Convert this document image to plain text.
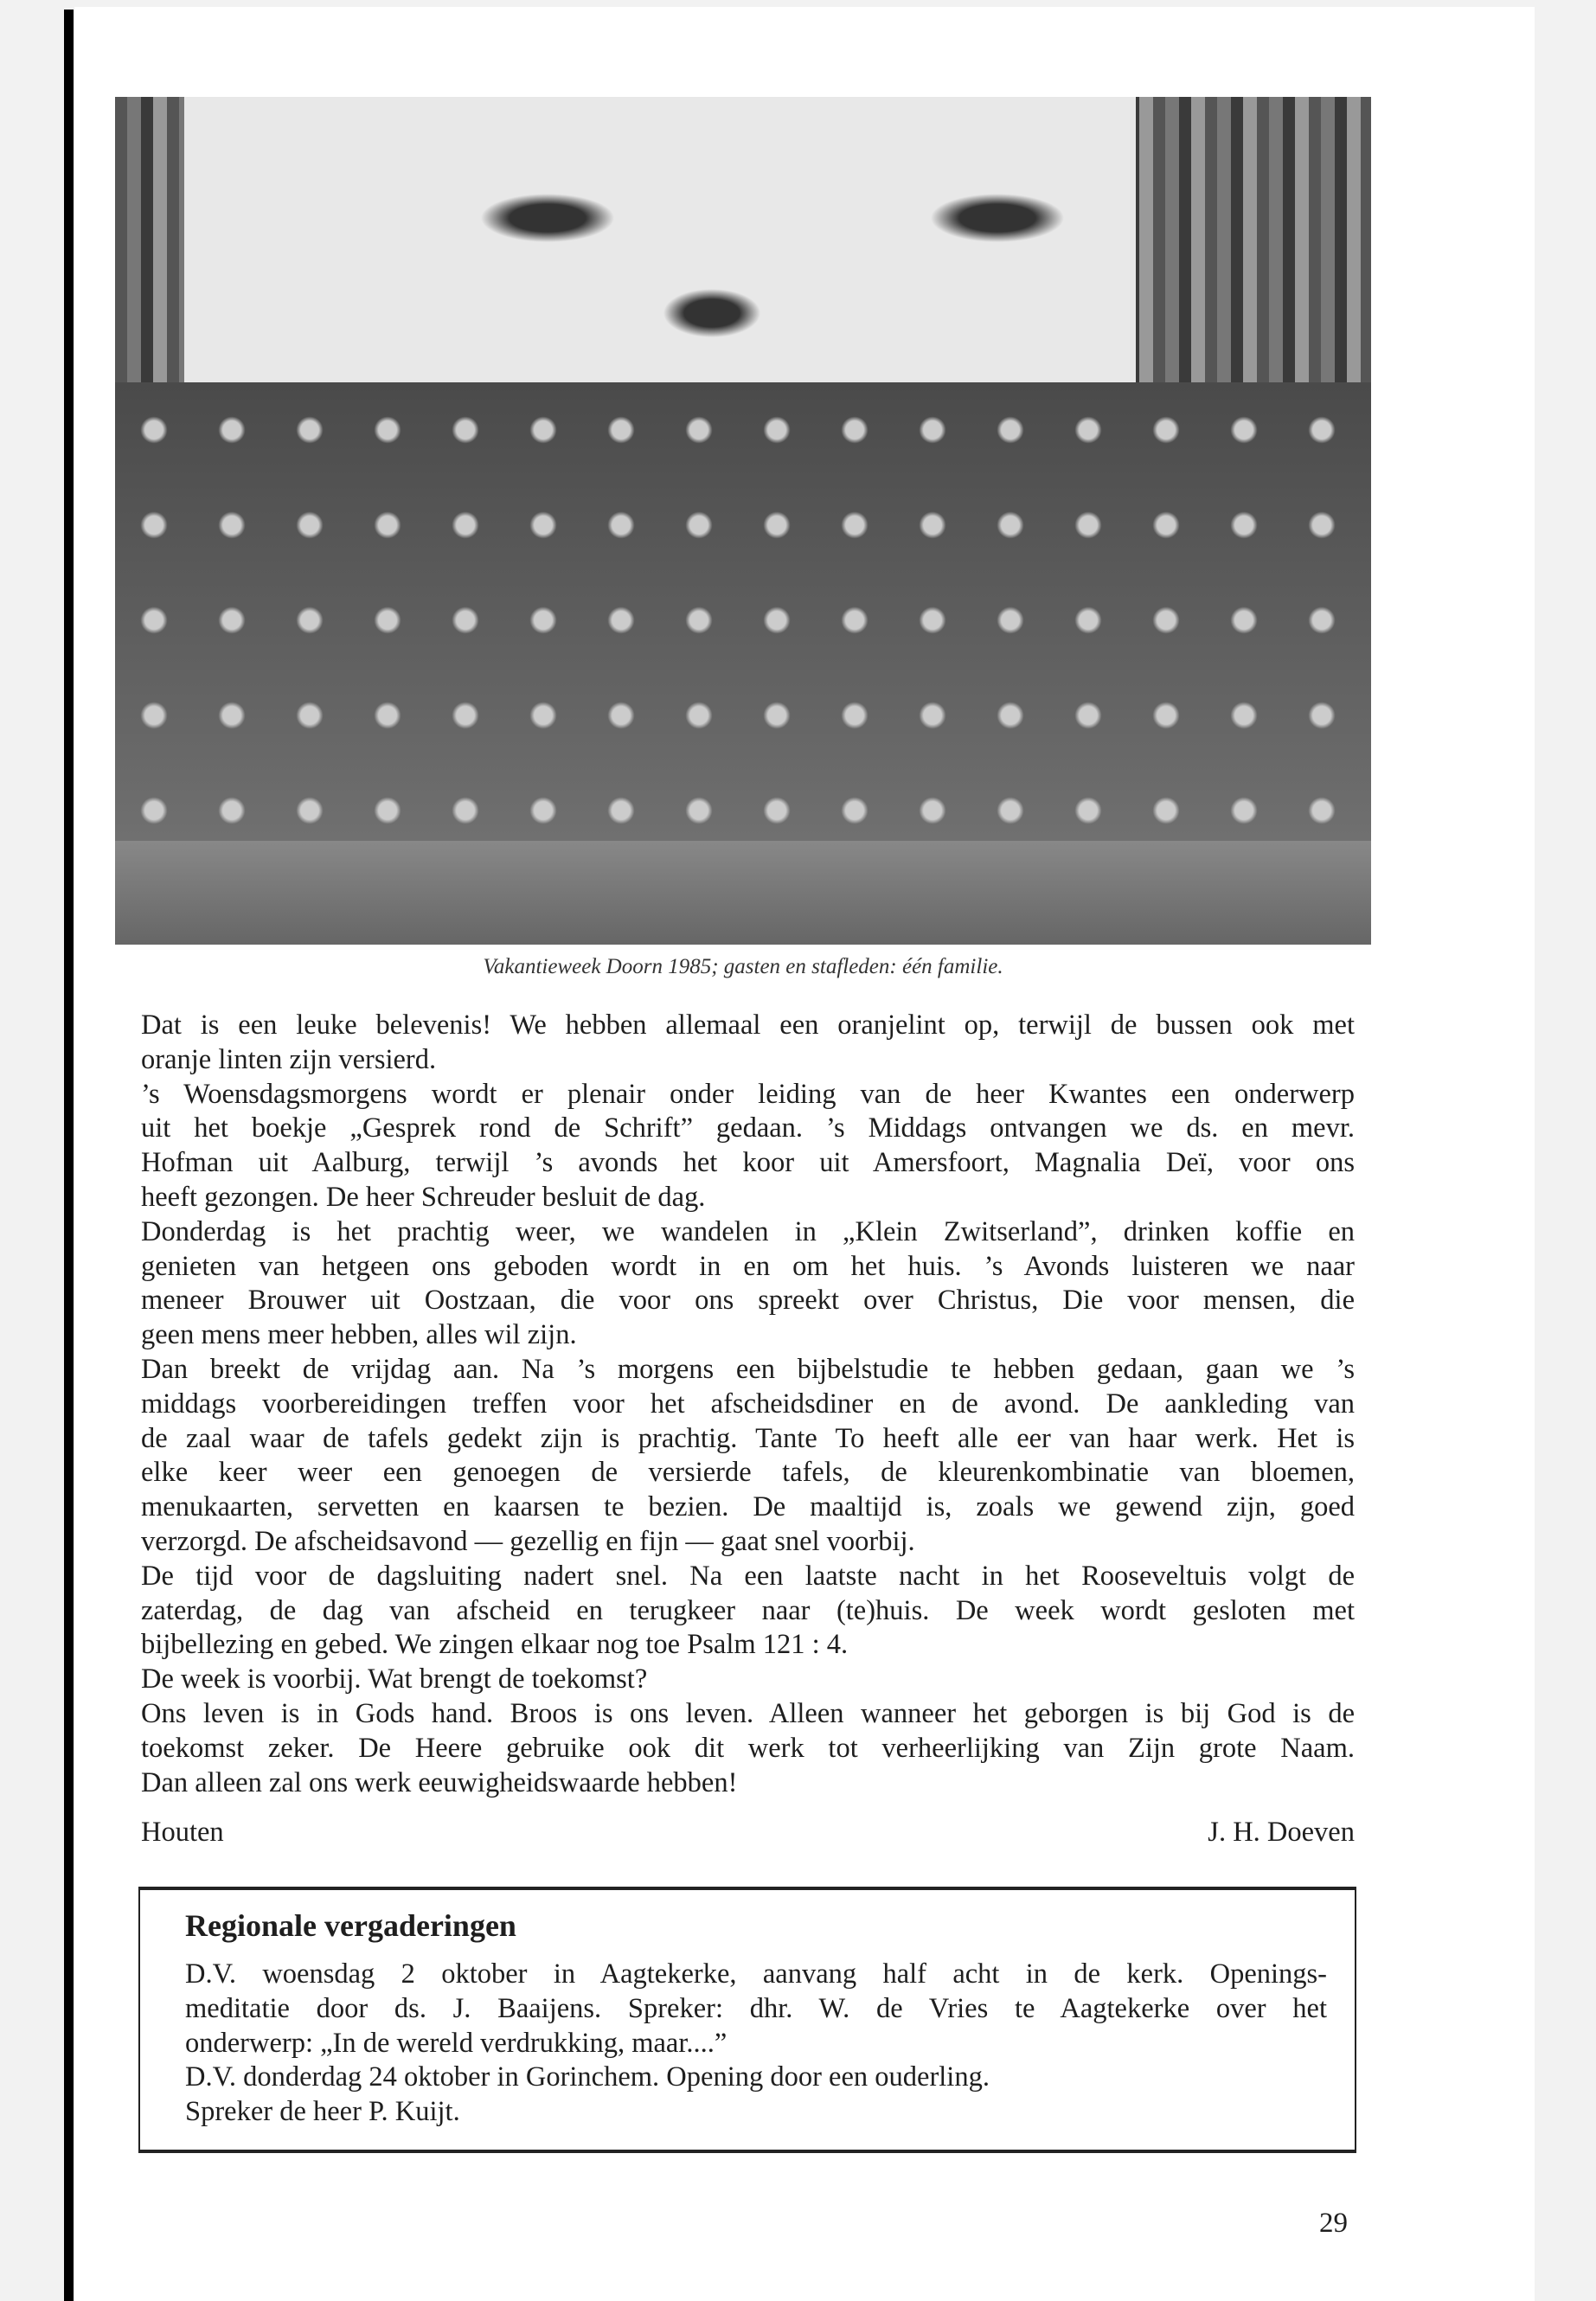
Vakantieweek Doorn 1985; gasten en stafleden: één familie.
Dat is een leuke belevenis! We hebben allemaal een oranjelint op, terwijl de bussen ook met
oranje linten zijn versierd.
’s Woensdagsmorgens wordt er plenair onder leiding van de heer Kwantes een onderwerp
uit het boekje „Gesprek rond de Schrift” gedaan. ’s Middags ontvangen we ds. en mevr.
Hofman uit Aalburg, terwijl ’s avonds het koor uit Amersfoort, Magnalia Deï, voor ons
heeft gezongen. De heer Schreuder besluit de dag.
Donderdag is het prachtig weer, we wandelen in „Klein Zwitserland”, drinken koffie en
genieten van hetgeen ons geboden wordt in en om het huis. ’s Avonds luisteren we naar
meneer Brouwer uit Oostzaan, die voor ons spreekt over Christus, Die voor mensen, die
geen mens meer hebben, alles wil zijn.
Dan breekt de vrijdag aan. Na ’s morgens een bijbelstudie te hebben gedaan, gaan we ’s
middags voorbereidingen treffen voor het afscheidsdiner en de avond. De aankleding van
de zaal waar de tafels gedekt zijn is prachtig. Tante To heeft alle eer van haar werk. Het is
elke keer weer een genoegen de versierde tafels, de kleurenkombinatie van bloemen,
menukaarten, servetten en kaarsen te bezien. De maaltijd is, zoals we gewend zijn, goed
verzorgd. De afscheidsavond — gezellig en fijn — gaat snel voorbij.
De tijd voor de dagsluiting nadert snel. Na een laatste nacht in het Rooseveltuis volgt de
zaterdag, de dag van afscheid en terugkeer naar (te)huis. De week wordt gesloten met
bijbellezing en gebed. We zingen elkaar nog toe Psalm 121 : 4.
De week is voorbij. Wat brengt de toekomst?
Ons leven is in Gods hand. Broos is ons leven. Alleen wanneer het geborgen is bij God is de
toekomst zeker. De Heere gebruike ook dit werk tot verheerlijking van Zijn grote Naam.
Dan alleen zal ons werk eeuwigheidswaarde hebben!
Houten	J. H. Doeven
Regionale vergaderingen
D.V. woensdag 2 oktober in Aagtekerke, aanvang half acht in de kerk. Openings-
meditatie door ds. J. Baaijens. Spreker: dhr. W. de Vries te Aagtekerke over het
onderwerp: „In de wereld verdrukking, maar....”
D.V. donderdag 24 oktober in Gorinchem. Opening door een ouderling.
Spreker de heer P. Kuijt.
29
